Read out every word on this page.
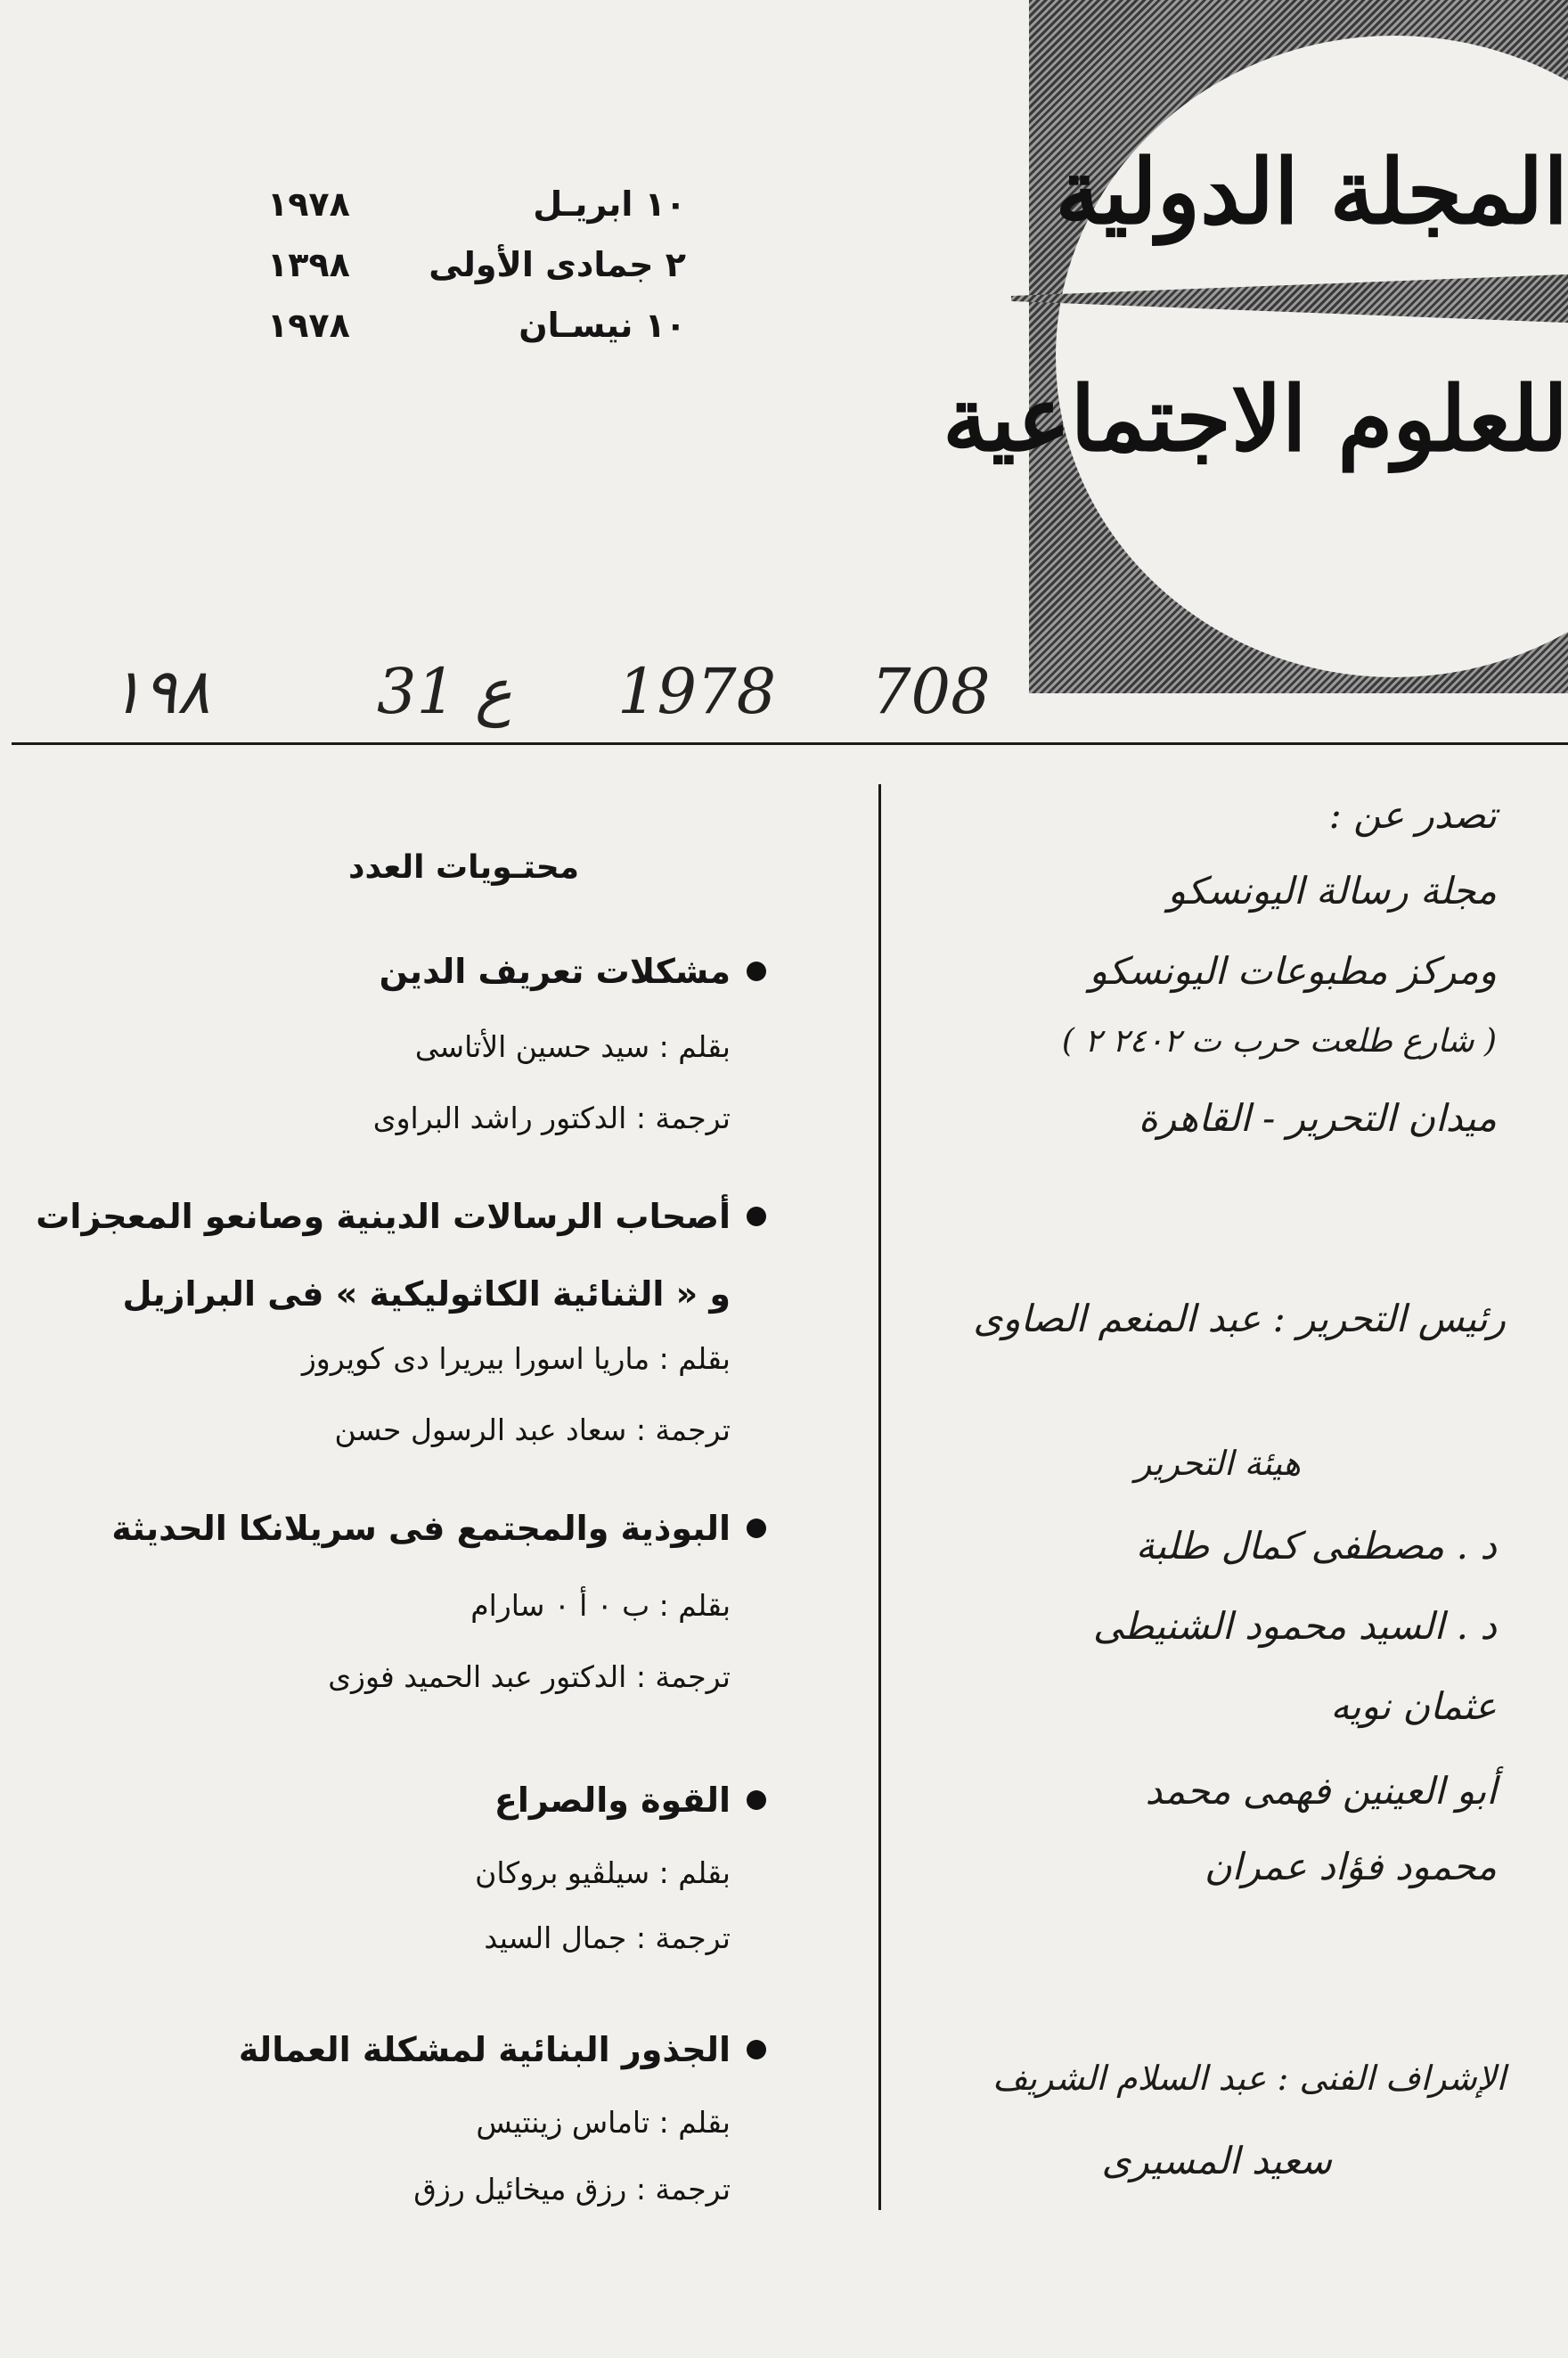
المجلة الدولية
للعلوم الاجتماعية
١٠ ابريـل
١٩٧٨
٢ جمادى الأولى
١٣٩٨
١٠ نيسـان
١٩٧٨
708
1978
ع
31
١٩٨
تصدر عن :
مجلة رسالة اليونسكو
ومركز مطبوعات اليونسكو
( شارع طلعت حرب ت ٢٤٠٢ ٢ )
ميدان التحرير - القاهرة
رئيس التحرير : عبد المنعم الصاوى
هيئة التحرير
د . مصطفى كمال طلبة
د . السيد محمود الشنيطى
عثمان نويه
أبو العينين فهمى محمد
محمود فؤاد عمران
الإشراف الفنى : عبد السلام الشريف
سعيد المسيرى
محتـويات العدد
مشكلات تعريف الدين
بقلم : سيد حسين الأتاسى
ترجمة : الدكتور راشد البراوى
أصحاب الرسالات الدينية وصانعو المعجزات
و « الثنائية الكاثوليكية » فى البرازيل
بقلم : ماريا اسورا بيريرا دى كويروز
ترجمة : سعاد عبد الرسول حسن
البوذية والمجتمع فى سريلانكا الحديثة
بقلم : ب ٠ أ ٠ سارام
ترجمة : الدكتور عبد الحميد فوزى
القوة والصراع
بقلم : سيلڤيو بروكان
ترجمة : جمال السيد
الجذور البنائية لمشكلة العمالة
بقلم : تاماس زينتيس
ترجمة : رزق ميخائيل رزق
